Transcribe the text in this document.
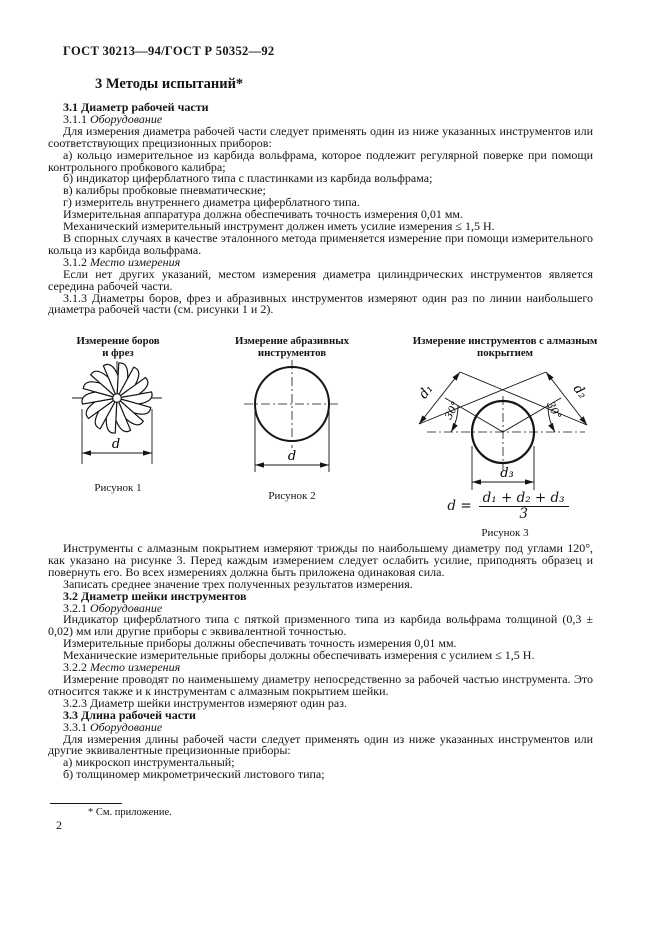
ГОСТ 30213—94/ГОСТ Р 50352—92
3 Методы испытаний*

3.1 Диаметр рабочей части

3.1.1 Оборудование

Для измерения диаметра рабочей части следует применять один из ниже указанных инструментов или соответствующих прецизионных приборов:

а) кольцо измерительное из карбида вольфрама, которое подлежит регулярной поверке при помощи контрольного пробкового калибра;

б) индикатор циферблатного типа с пластинками из карбида вольфрама;

в) калибры пробковые пневматические;

г) измеритель внутреннего диаметра циферблатного типа.

Измерительная аппаратура должна обеспечивать точность измерения 0,01 мм.

Механический измерительный инструмент должен иметь усилие измерения ≤ 1,5 Н.

В спорных случаях в качестве эталонного метода применяется измерение при помощи измерительного кольца из карбида вольфрама.

3.1.2 Место измерения

Если нет других указаний, местом измерения диаметра цилиндрических инструментов является середина рабочей части.

3.1.3 Диаметры боров, фрез и абразивных инструментов измеряют один раз по линии наибольшего диаметра рабочей части (см. рисунки 1 и 2).

Измерение боров
и фрез
Измерение абразивных
инструментов
Измерение инструментов с алмазным
покрытием
d
d
d₁	d₂
30°	30°
d₃
$d = \frac{\text{d₁ + d₂ + d₃}}{3}$
Рисунок 1
Рисунок 2
Рисунок 3

Инструменты с алмазным покрытием измеряют трижды по наибольшему диаметру под углами 120°, как указано на рисунке 3. Перед каждым измерением следует ослабить усилие, приподнять образец и повернуть его. Во всех измерениях должна быть приложена одинаковая сила.

Записать среднее значение трех полученных результатов измерения.

3.2 Диаметр шейки инструментов

3.2.1 Оборудование

Индикатор циферблатного типа с пяткой призменного типа из карбида вольфрама толщиной (0,3 ± 0,02) мм или другие приборы с эквивалентной точностью.

Измерительные приборы должны обеспечивать точность измерения 0,01 мм.

Механические измерительные приборы должны обеспечивать измерения с усилием ≤ 1,5 Н.

3.2.2 Место измерения

Измерение проводят по наименьшему диаметру непосредственно за рабочей частью инструмента. Это относится также и к инструментам с алмазным покрытием шейки.

3.2.3 Диаметр шейки инструментов измеряют один раз.

3.3 Длина рабочей части

3.3.1 Оборудование

Для измерения длины рабочей части следует применять один из ниже указанных инструментов или другие эквивалентные прецизионные приборы:

а) микроскоп инструментальный;

б) толщиномер микрометрический листового типа;

* См. приложение.
2
